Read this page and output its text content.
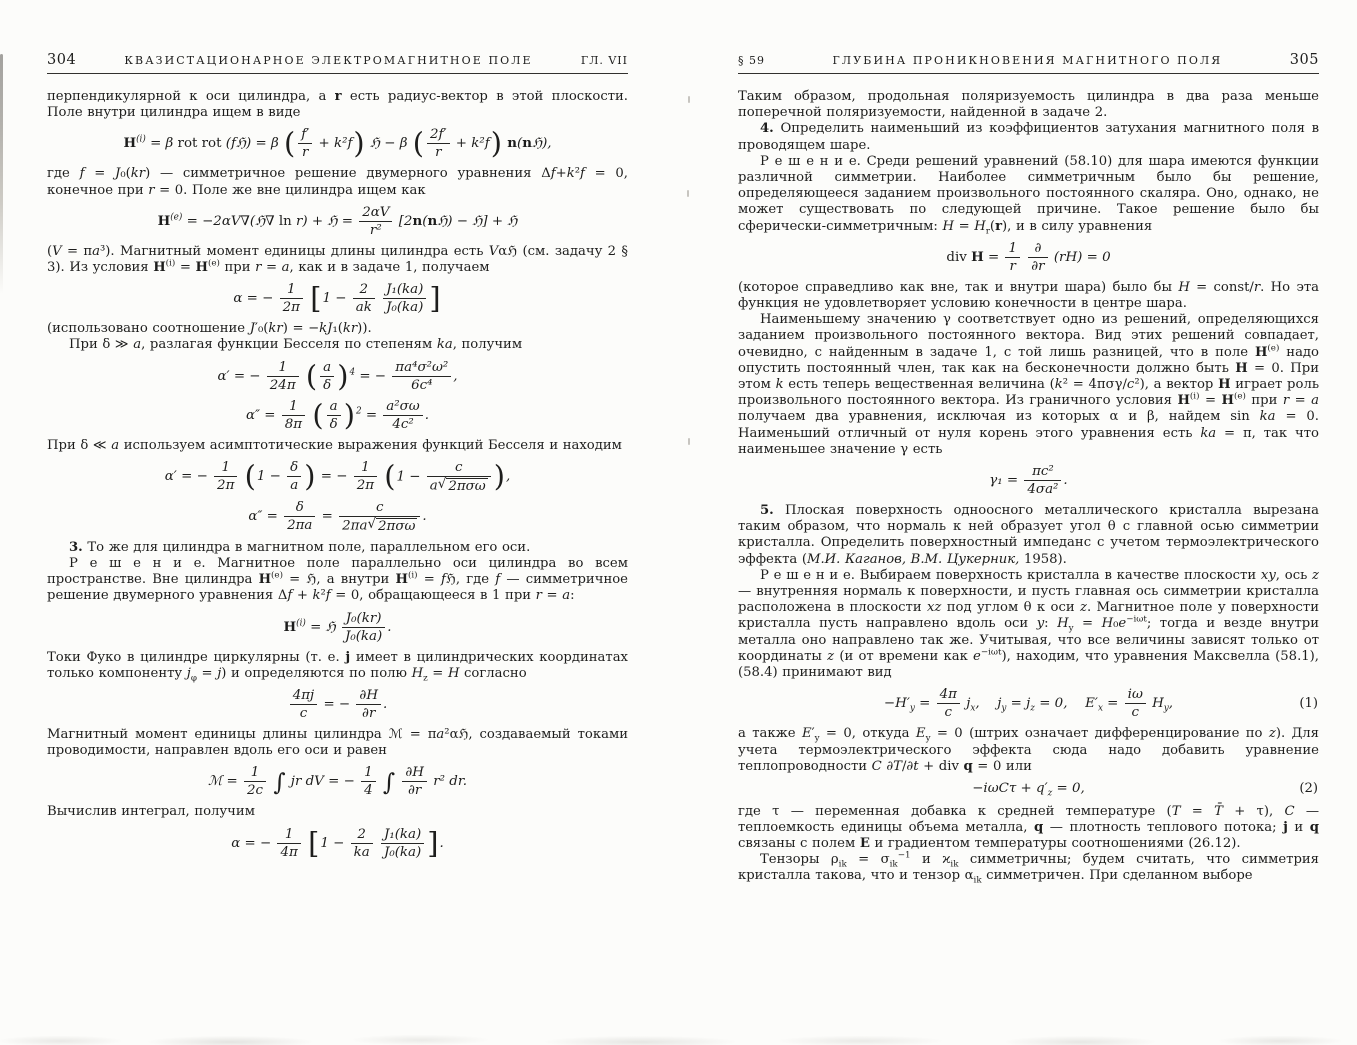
304	КВАЗИСТАЦИОНАРНОЕ ЭЛЕКТРОМАГНИТНОЕ ПОЛЕ	ГЛ. VII

перпендикулярной к оси цилиндра, а r есть радиус-вектор в этой плоскости. Поле внутри цилиндра ищем в виде

$H^{(i)} = \beta$ rot rot (fℌ) = β ( $\frac{f'}{r} + k^2f$ ) ℌ − β ( $\frac{2f'}{r} + k^2f$ ) n(nℌ),

где f = J₀(kr) — симметричное решение двумерного уравнения Δf+k²f = 0, конечное при r = 0. Поле же вне цилиндра ищем как

$H^{(e)}$ = −2αV∇(ℌ∇ ln r) + ℌ = $\frac{2\alpha V}{\text{r²}}$ [2n(nℌ) − ℌ] + ℌ

(V = πa³). Магнитный момент единицы длины цилиндра есть Vαℌ (см. задачу 2 § 3). Из условия $H^{(i)} = H^{(e)}$ при r = a, как и в задаче 1, получаем

α = − $\frac{1}{2\pi}$
[ $1 - \frac{2}{ak}$
$\frac{\text{J₁(ka)}}{\text{J₀(ka)}}$ ]

(использовано соотношение J′₀(kr) = −kJ₁(kr)).

При δ ≫ a, разлагая функции Бесселя по степеням ka, получим

α′ = − $\frac{1}{24\pi}$
( $\frac{a}{\delta}$ ) $^4$ = − $\frac{\text{πa⁴σ²ω²}}{\text{6c⁴}}$ ,
$\alpha'' = \frac{1}{8\pi}$
( $\frac{a}{\delta}$ ) $^2 = \frac{\text{a²σω}}{\text{4c²}}$ .

При δ ≪ a используем асимптотические выражения функций Бесселя и находим

α′ = − $\frac{1}{2\pi}$
( $1 - \frac{\delta}{a}$ ) = − $\frac{1}{2\pi}$
( $1 - \frac{c}{\text{a √ 2πσω}}$ ) ,
$\alpha'' = \frac{\delta}{2\pi a} = \frac{c}{\text{2πa √ 2πσω}}$ .

3. То же для цилиндра в магнитном поле, параллельном его оси.

Р е ш е н и е. Магнитное поле параллельно оси цилиндра во всем пространстве. Вне цилиндра $H^{(e)}$ = ℌ, а внутри $H^{(i)}$ = fℌ, где f — симметричное решение двумерного уравнения Δf + k²f = 0, обращающееся в 1 при r = a:

$H^{(i)}$ = ℌ $\frac{\text{J₀(kr)}}{\text{J₀(ka)}}$ .

Токи Фуко в цилиндре циркулярны (т. е. j имеет в цилиндрических координатах только компоненту $j_\varphi = j$) и определяются по полю $H_z = H$ согласно

$\frac{4\pi j}{c}$ = − $\frac{\partial H}{\partial r}$ .

Магнитный момент единицы длины цилиндра ℳ = πa²αℌ, создаваемый токами проводимости, направлен вдоль его оси и равен

ℳ = $\frac{1}{2c}$ ∫ jr dV = − $\frac{1}{4}$ ∫ $\frac{\partial H}{\partial r} r^2$ dr.

Вычислив интеграл, получим

α = − $\frac{1}{4\pi}$
[ $1 - \frac{2}{ka}$
$\frac{\text{J₁(ka)}}{\text{J₀(ka)}}$ ] .
§ 59	ГЛУБИНА ПРОНИКНОВЕНИЯ МАГНИТНОГО ПОЛЯ	305

Таким образом, продольная поляризуемость цилиндра в два раза меньше поперечной поляризуемости, найденной в задаче 2.

4. Определить наименьший из коэффициентов затухания магнитного поля в проводящем шаре.

Р е ш е н и е. Среди решений уравнений (58.10) для шара имеются функции различной симметрии. Наиболее симметричным было бы решение, определяющееся заданием произвольного постоянного скаляра. Оно, однако, не может существовать по следующей причине. Такое решение было бы сферически-симметричным: $H = H_r(r)$, и в силу уравнения

div $H = \frac{1}{r}$
$\frac{\partial}{\partial r} (rH) = 0$

(которое справедливо как вне, так и внутри шара) было бы H = const/r. Но эта функция не удовлетворяет условию конечности в центре шара.

Наименьшему значению γ соответствует одно из решений, определяющихся заданием произвольного постоянного вектора. Вид этих решений совпадает, очевидно, с найденным в задаче 1, с той лишь разницей, что в поле $H^{(e)}$ надо опустить постоянный член, так как на бесконечности должно быть H = 0. При этом k есть теперь вещественная величина (k² = 4πσγ/c²), а вектор H играет роль произвольного постоянного вектора. Из граничного условия $H^{(i)} = H^{(e)}$ при r = a получаем два уравнения, исключая из которых α и β, найдем sin ka = 0. Наименьший отличный от нуля корень этого уравнения есть ka = π, так что наименьшее значение γ есть

$\gamma_1 = \frac{\text{πc²}}{\text{4σa²}}$ .

5. Плоская поверхность одноосного металлического кристалла вырезана таким образом, что нормаль к ней образует угол θ с главной осью симметрии кристалла. Определить поверхностный импеданс с учетом термоэлектрического эффекта (М.И. Каганов, В.М. Цукерник, 1958).

Р е ш е н и е. Выбираем поверхность кристалла в качестве плоскости xy, ось z — внутренняя нормаль к поверхности, и пусть главная ось симметрии кристалла расположена в плоскости xz под углом θ к оси z. Магнитное поле у поверхности кристалла пусть направлено вдоль оси y: $H_y = H_0e^{-i\omega t}$; тогда и везде внутри металла оно направлено так же. Учитывая, что все величины зависят только от координаты z (и от времени как $e^{-i\omega t}$), находим, что уравнения Максвелла (58.1), (58.4) принимают вид

$-H'_y = \frac{4\pi}{c} j_x$,  $j_y = j_z = 0$,  $E'_x = \frac{i\omega}{c} H_y$,	(1)

а также $E'_y = 0$, откуда $E_y = 0$ (штрих означает дифференцирование по z). Для учета термоэлектрического эффекта сюда надо добавить уравнение теплопроводности C ∂T/∂t + div q = 0 или

$-i\omega C\tau + q'_z = 0$,	(2)

где τ — переменная добавка к средней температуре (T = T̄ + τ), C — теплоемкость единицы объема металла, q — плотность теплового потока; j и q связаны с полем E и градиентом температуры соотношениями (26.12).

Тензоры $\rho_{ik} = \sigma_{ik}^{-1}$ и $ϰ_{ik}$ симметричны; будем считать, что симметрия кристалла такова, что и тензор $\alpha_{ik}$ симметричен. При сделанном выборе
